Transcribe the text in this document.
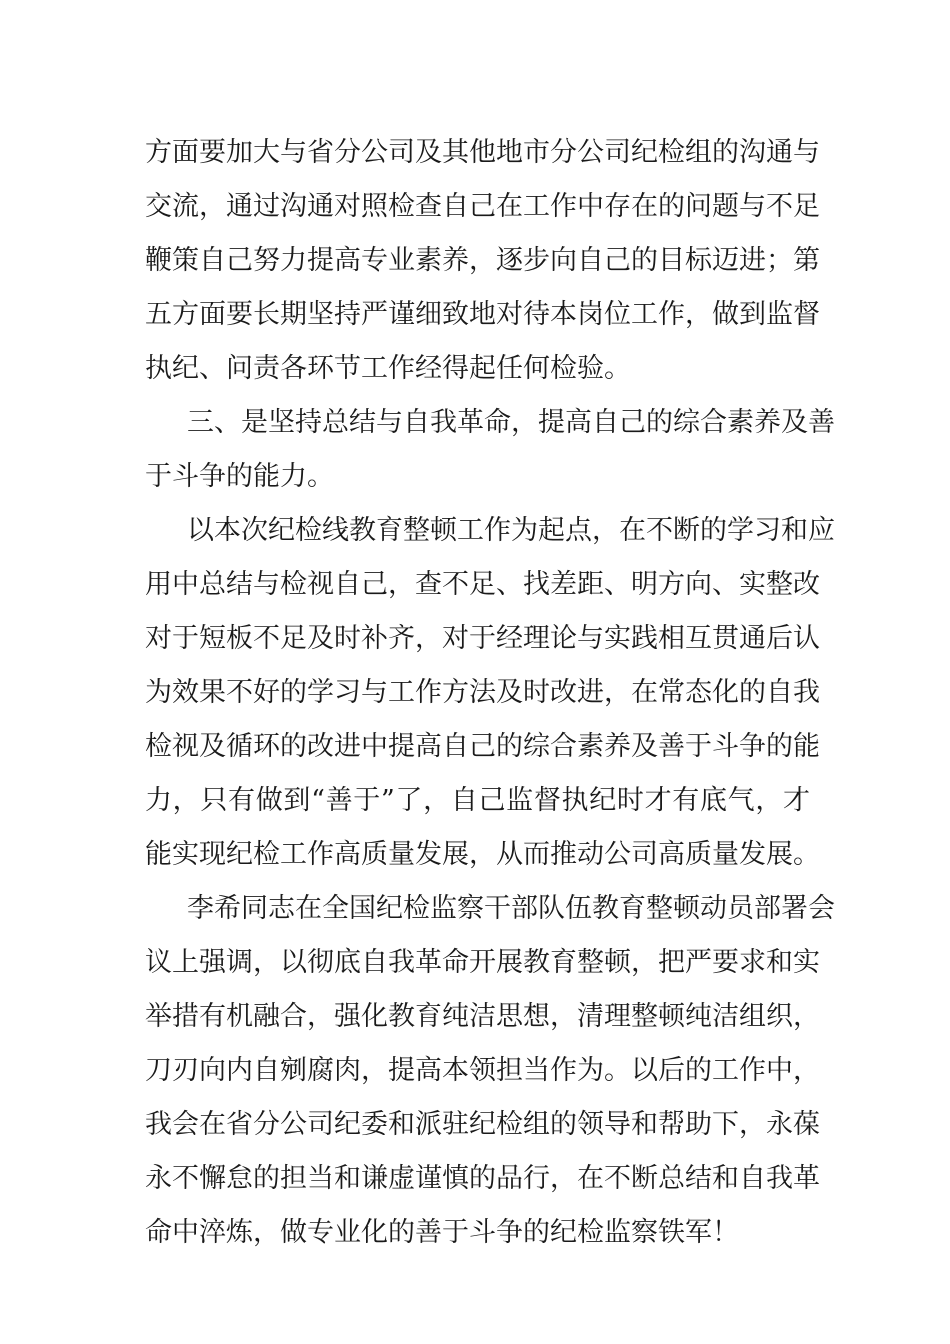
方面要加大与省分公司及其他地市分公司纪检组的沟通与
交流，通过沟通对照检查自己在工作中存在的问题与不足
鞭策自己努力提高专业素养，逐步向自己的目标迈进；第
五方面要长期坚持严谨细致地对待本岗位工作，做到监督
执纪、问责各环节工作经得起任何检验。
三、是坚持总结与自我革命，提高自己的综合素养及善
于斗争的能力。
以本次纪检线教育整顿工作为起点，在不断的学习和应
用中总结与检视自己，查不足、找差距、明方向、实整改
对于短板不足及时补齐，对于经理论与实践相互贯通后认
为效果不好的学习与工作方法及时改进，在常态化的自我
检视及循环的改进中提高自己的综合素养及善于斗争的能
力，只有做到“善于”了，自己监督执纪时才有底气，才
能实现纪检工作高质量发展，从而推动公司高质量发展。
李希同志在全国纪检监察干部队伍教育整顿动员部署会
议上强调，以彻底自我革命开展教育整顿，把严要求和实
举措有机融合，强化教育纯洁思想，清理整顿纯洁组织，
刀刃向内自剜腐肉，提高本领担当作为。以后的工作中，
我会在省分公司纪委和派驻纪检组的领导和帮助下，永葆
永不懈怠的担当和谦虚谨慎的品行，在不断总结和自我革
命中淬炼，做专业化的善于斗争的纪检监察铁军！
